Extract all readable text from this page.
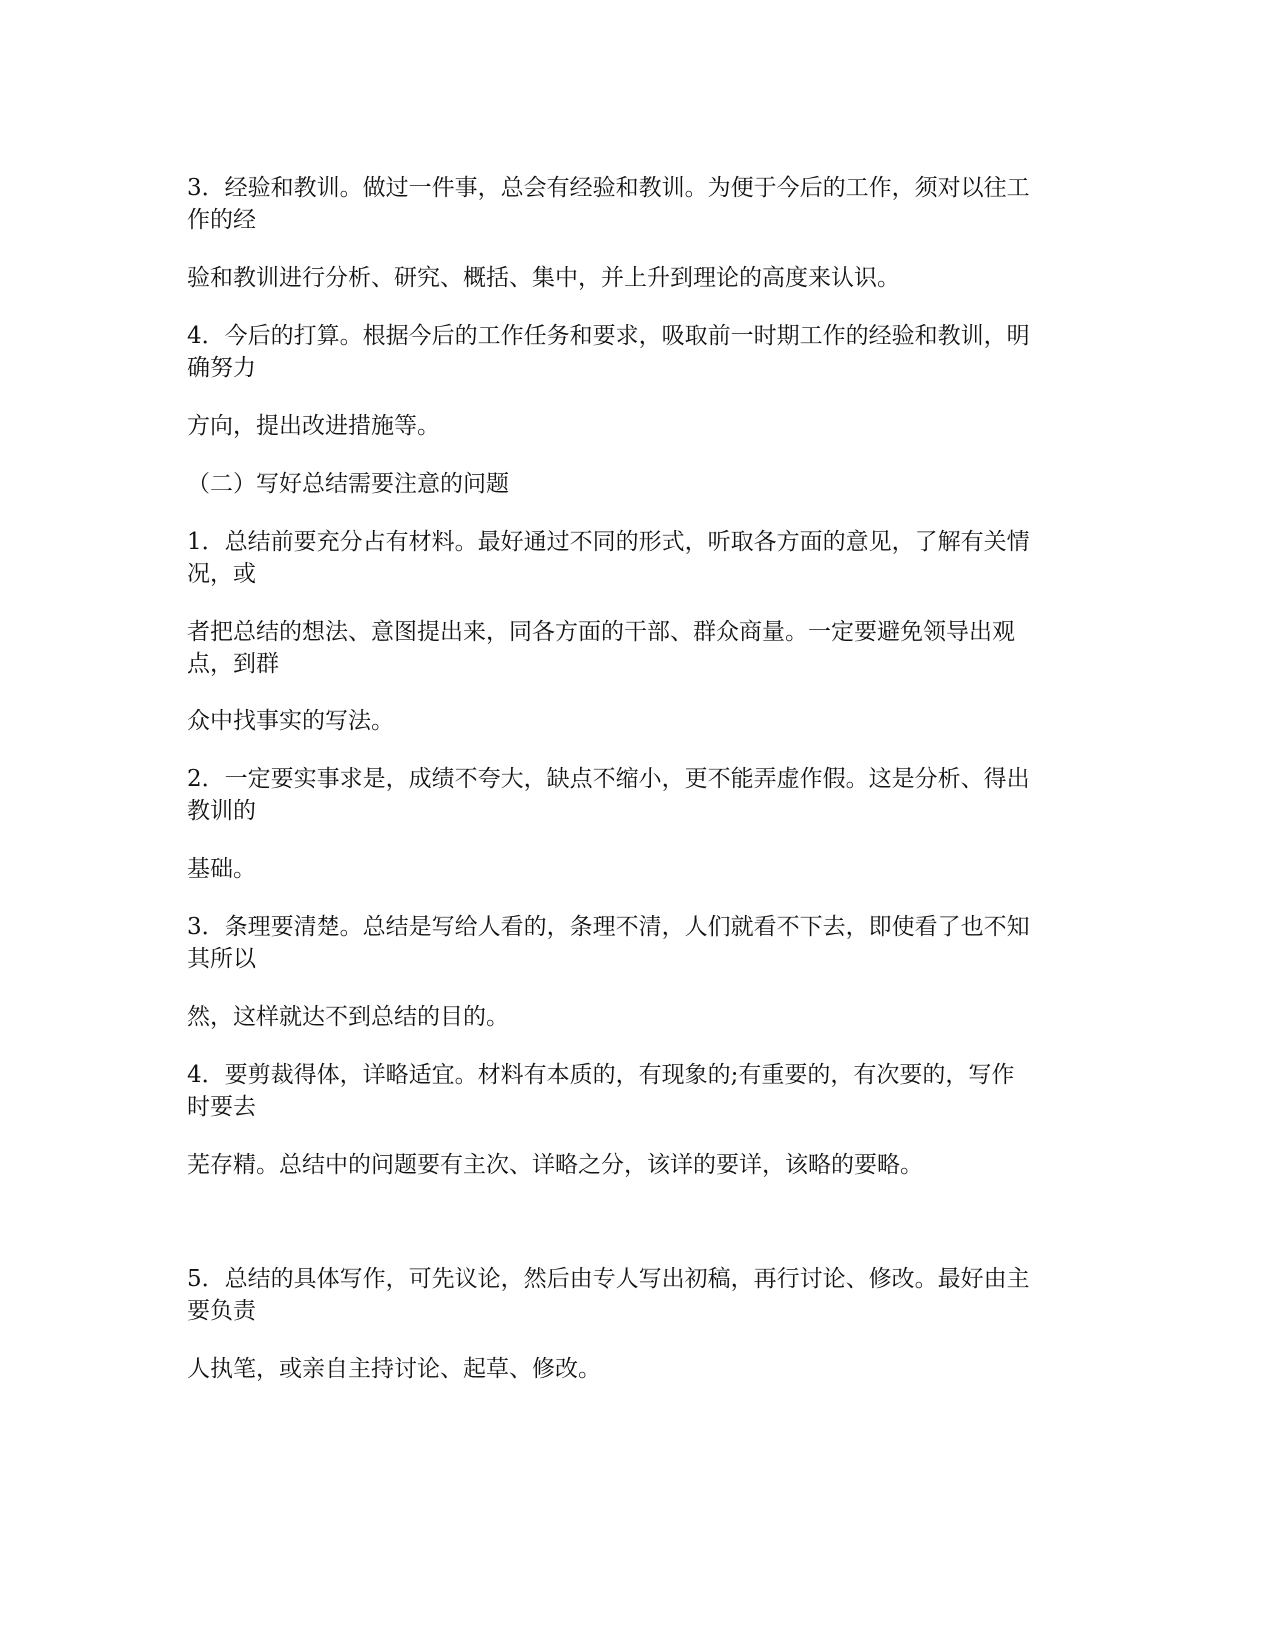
3．经验和教训。做过一件事，总会有经验和教训。为便于今后的工作，须对以往工
作的经

验和教训进行分析、研究、概括、集中，并上升到理论的高度来认识。

4．今后的打算。根据今后的工作任务和要求，吸取前一时期工作的经验和教训，明
确努力

方向，提出改进措施等。

（二）写好总结需要注意的问题

1．总结前要充分占有材料。最好通过不同的形式，听取各方面的意见，了解有关情
况，或

者把总结的想法、意图提出来，同各方面的干部、群众商量。一定要避免领导出观
点，到群

众中找事实的写法。

2．一定要实事求是，成绩不夸大，缺点不缩小，更不能弄虚作假。这是分析、得出
教训的

基础。

3．条理要清楚。总结是写给人看的，条理不清，人们就看不下去，即使看了也不知
其所以

然，这样就达不到总结的目的。

4．要剪裁得体，详略适宜。材料有本质的，有现象的;有重要的，有次要的，写作
时要去

芜存精。总结中的问题要有主次、详略之分，该详的要详，该略的要略。

5．总结的具体写作，可先议论，然后由专人写出初稿，再行讨论、修改。最好由主
要负责

人执笔，或亲自主持讨论、起草、修改。
